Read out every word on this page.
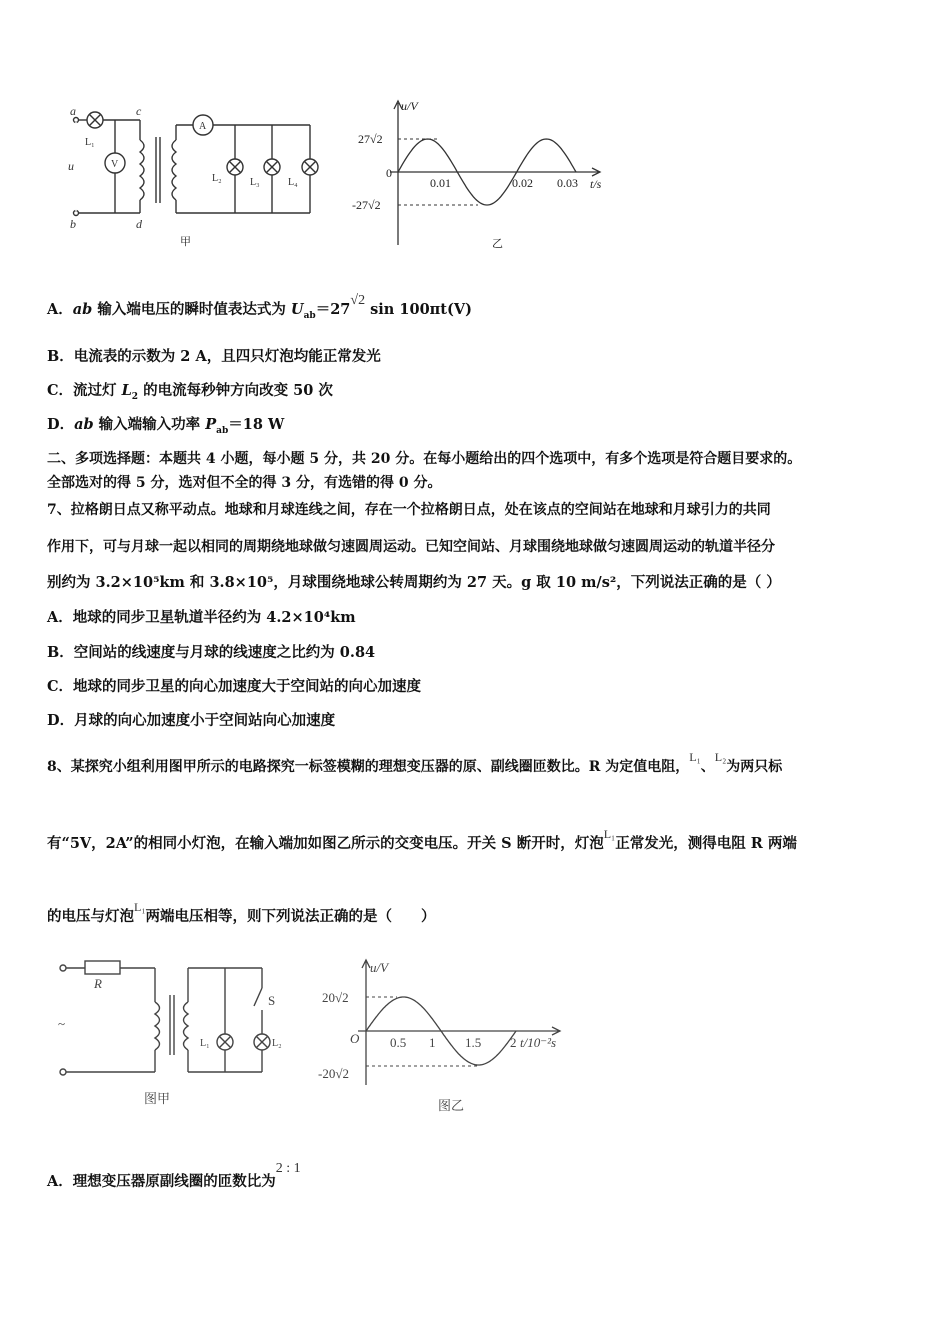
a
b
c
d
u
L₁
V
A
L₂	L₃	L₄
u/V
t/s
27√2
0
-27√2
0.01	0.02 0.03
甲	乙
A．ab 输入端电压的瞬时值表达式为 $U_{ab}=27√2$ sin 100πt(V)
B．电流表的示数为 2 A，且四只灯泡均能正常发光
C．流过灯 $L_2$ 的电流每秒钟方向改变 50 次
D．ab 输入端输入功率 $P_{ab}=18$ W
二、多项选择题：本题共 4 小题，每小题 5 分，共 20 分。在每小题给出的四个选项中，有多个选项是符合题目要求的。
全部选对的得 5 分，选对但不全的得 3 分，有选错的得 0 分。
7、拉格朗日点又称平动点。地球和月球连线之间，存在一个拉格朗日点，处在该点的空间站在地球和月球引力的共同
作用下，可与月球一起以相同的周期绕地球做匀速圆周运动。已知空间站、月球围绕地球做匀速圆周运动的轨道半径分
别约为 3.2×10⁵km 和 3.8×10⁵，月球围绕地球公转周期约为 27 天。g 取 10 m/s²，下列说法正确的是（ ）
A．地球的同步卫星轨道半径约为 4.2×10⁴km
B．空间站的线速度与月球的线速度之比约为 0.84
C．地球的同步卫星的向心加速度大于空间站的向心加速度
D．月球的向心加速度小于空间站向心加速度
8、某探究小组利用图甲所示的电路探究一标签模糊的理想变压器的原、副线圈匝数比。R 为定值电阻，L₁、L₂为两只标
有“5V，2A”的相同小灯泡，在输入端加如图乙所示的交变电压。开关 S 断开时，灯泡$^{L_1}$正常发光，测得电阻 R 两端
的电压与灯泡$^{L_1}$两端电压相等，则下列说法正确的是（　　）
R
S
~
L₁	L₂
图甲	图乙
u/V
20√2
O
-20√2
0.5 1 1.5 2 t/10⁻²s
A．理想变压器原副线圈的匝数比为2 : 1
